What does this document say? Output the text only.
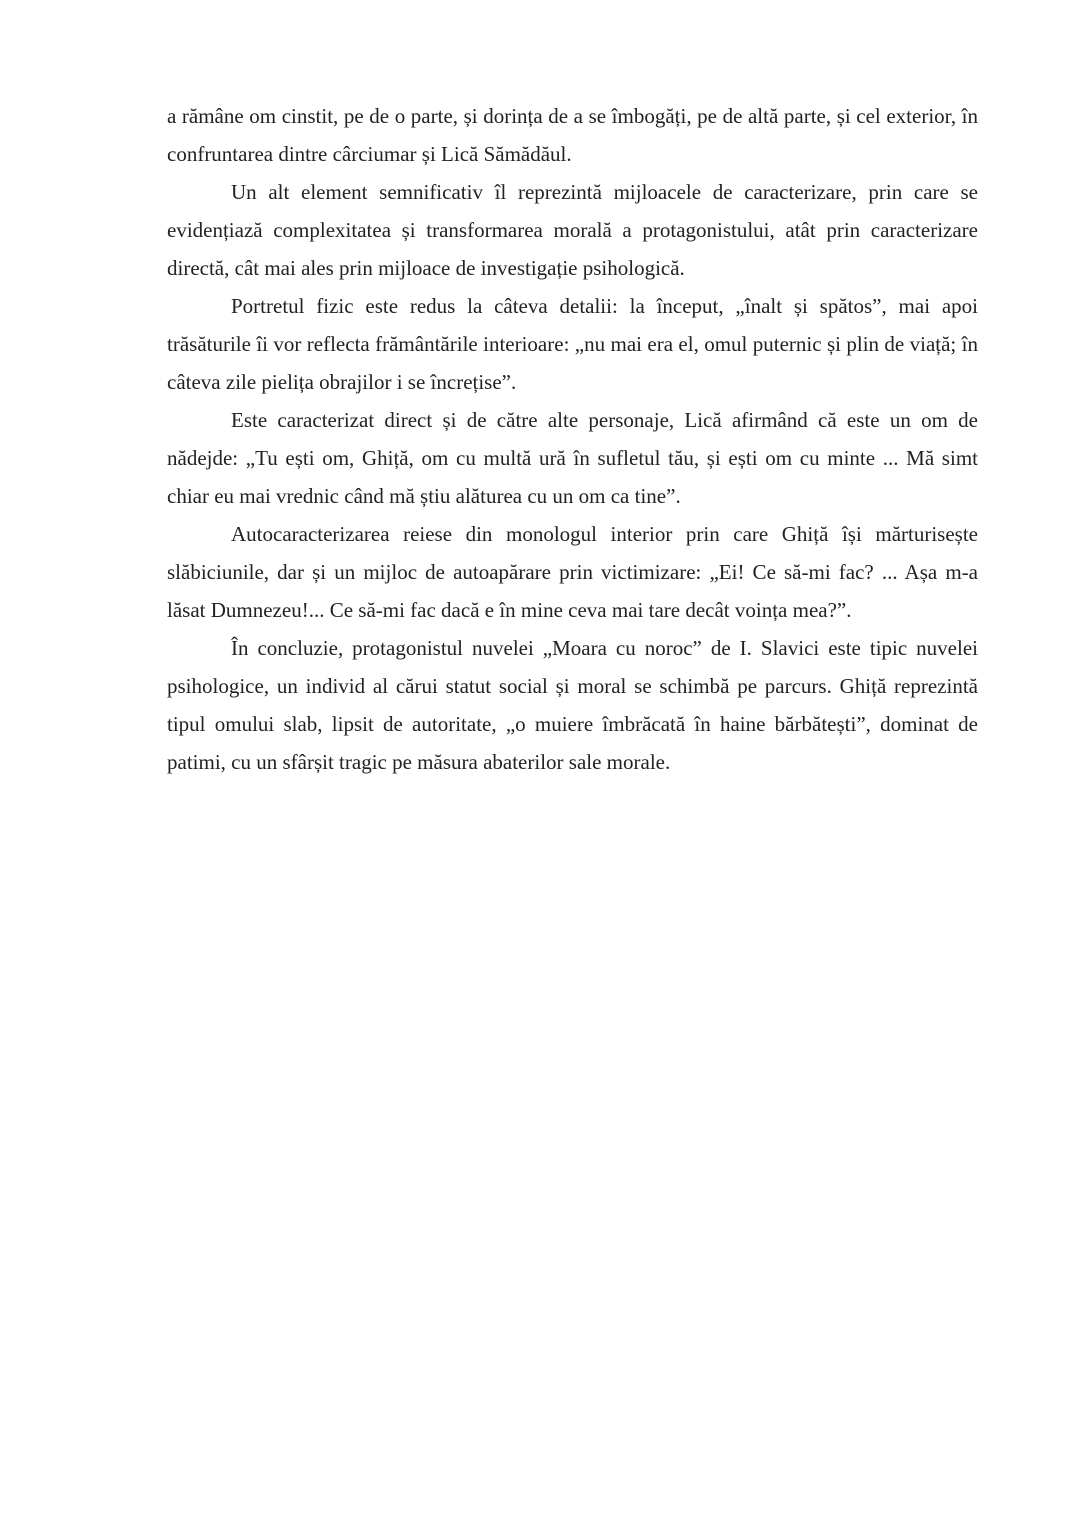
a rămâne om cinstit, pe de o parte, și dorința de a se îmbogăți, pe de altă parte, și cel exterior, în confruntarea dintre cârciumar și Lică Sămădăul.

Un alt element semnificativ îl reprezintă mijloacele de caracterizare, prin care se evidențiază complexitatea și transformarea morală a protagonistului, atât prin caracterizare directă, cât mai ales prin mijloace de investigație psihologică.

Portretul fizic este redus la câteva detalii: la început, „înalt și spătos”, mai apoi trăsăturile îi vor reflecta frământările interioare: „nu mai era el, omul puternic și plin de viață; în câteva zile pielița obrajilor i se încrețise”.

Este caracterizat direct și de către alte personaje, Lică afirmând că este un om de nădejde: „Tu ești om, Ghiță, om cu multă ură în sufletul tău, și ești om cu minte ... Mă simt chiar eu mai vrednic când mă știu alăturea cu un om ca tine”.

Autocaracterizarea reiese din monologul interior prin care Ghiță își mărturisește slăbiciunile, dar și un mijloc de autoapărare prin victimizare: „Ei! Ce să-mi fac? ... Așa m-a lăsat Dumnezeu!... Ce să-mi fac dacă e în mine ceva mai tare decât voința mea?”.

În concluzie, protagonistul nuvelei „Moara cu noroc” de I. Slavici este tipic nuvelei psihologice, un individ al cărui statut social și moral se schimbă pe parcurs. Ghiță reprezintă tipul omului slab, lipsit de autoritate, „o muiere îmbrăcată în haine bărbătești”, dominat de patimi, cu un sfârșit tragic pe măsura abaterilor sale morale.
